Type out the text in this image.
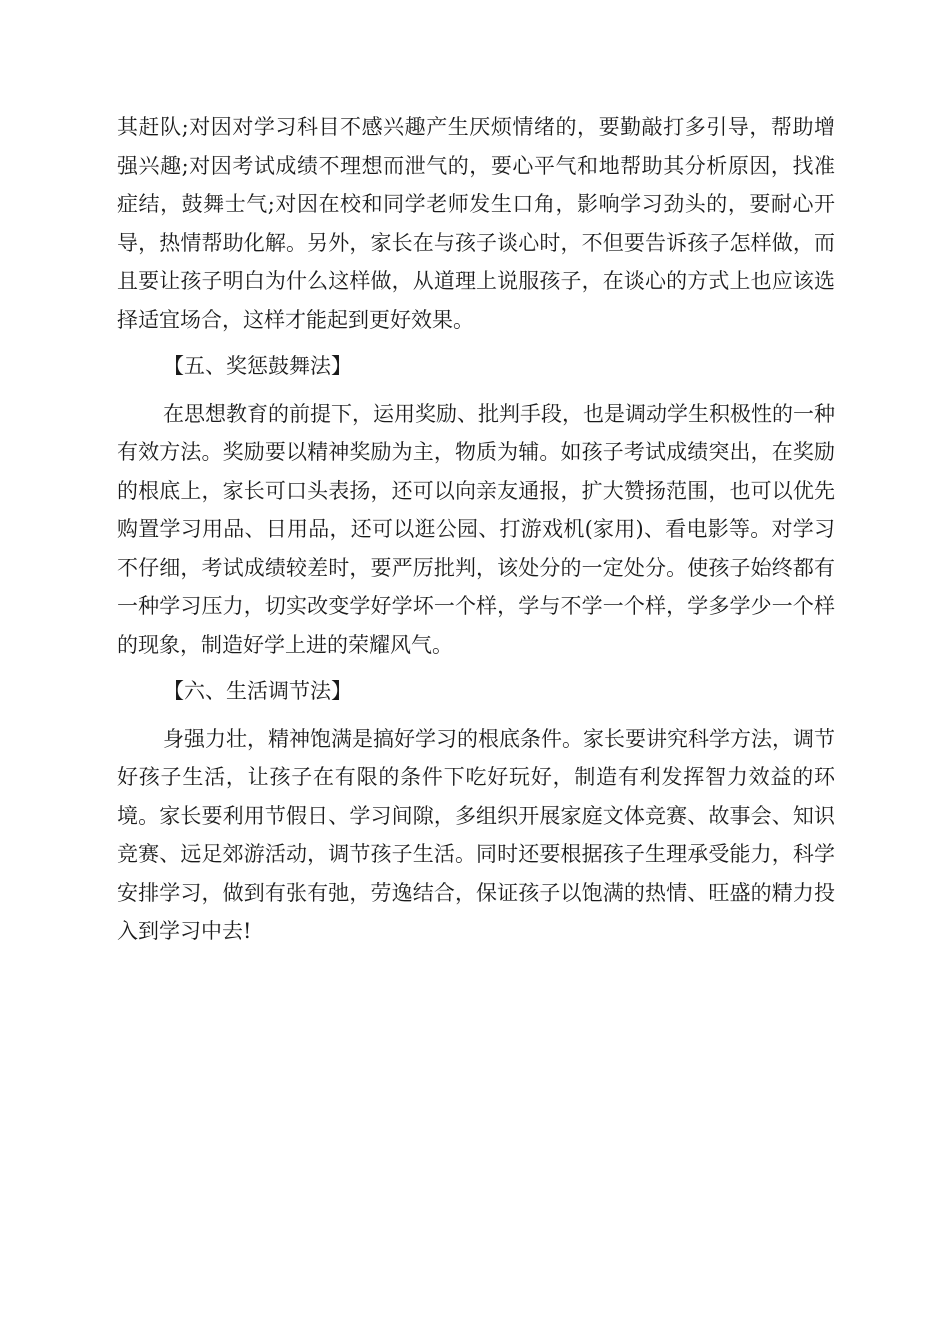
其赶队;对因对学习科目不感兴趣产生厌烦情绪的，要勤敲打多引导，帮助增强兴趣;对因考试成绩不理想而泄气的，要心平气和地帮助其分析原因，找准症结，鼓舞士气;对因在校和同学老师发生口角，影响学习劲头的，要耐心开导，热情帮助化解。另外，家长在与孩子谈心时，不但要告诉孩子怎样做，而且要让孩子明白为什么这样做，从道理上说服孩子，在谈心的方式上也应该选择适宜场合，这样才能起到更好效果。

【五、奖惩鼓舞法】

在思想教育的前提下，运用奖励、批判手段，也是调动学生积极性的一种有效方法。奖励要以精神奖励为主，物质为辅。如孩子考试成绩突出，在奖励的根底上，家长可口头表扬，还可以向亲友通报，扩大赞扬范围，也可以优先购置学习用品、日用品，还可以逛公园、打游戏机(家用)、看电影等。对学习不仔细，考试成绩较差时，要严厉批判，该处分的一定处分。使孩子始终都有一种学习压力，切实改变学好学坏一个样，学与不学一个样，学多学少一个样的现象，制造好学上进的荣耀风气。

【六、生活调节法】

身强力壮，精神饱满是搞好学习的根底条件。家长要讲究科学方法，调节好孩子生活，让孩子在有限的条件下吃好玩好，制造有利发挥智力效益的环境。家长要利用节假日、学习间隙，多组织开展家庭文体竞赛、故事会、知识竞赛、远足郊游活动，调节孩子生活。同时还要根据孩子生理承受能力，科学安排学习，做到有张有弛，劳逸结合，保证孩子以饱满的热情、旺盛的精力投入到学习中去!
